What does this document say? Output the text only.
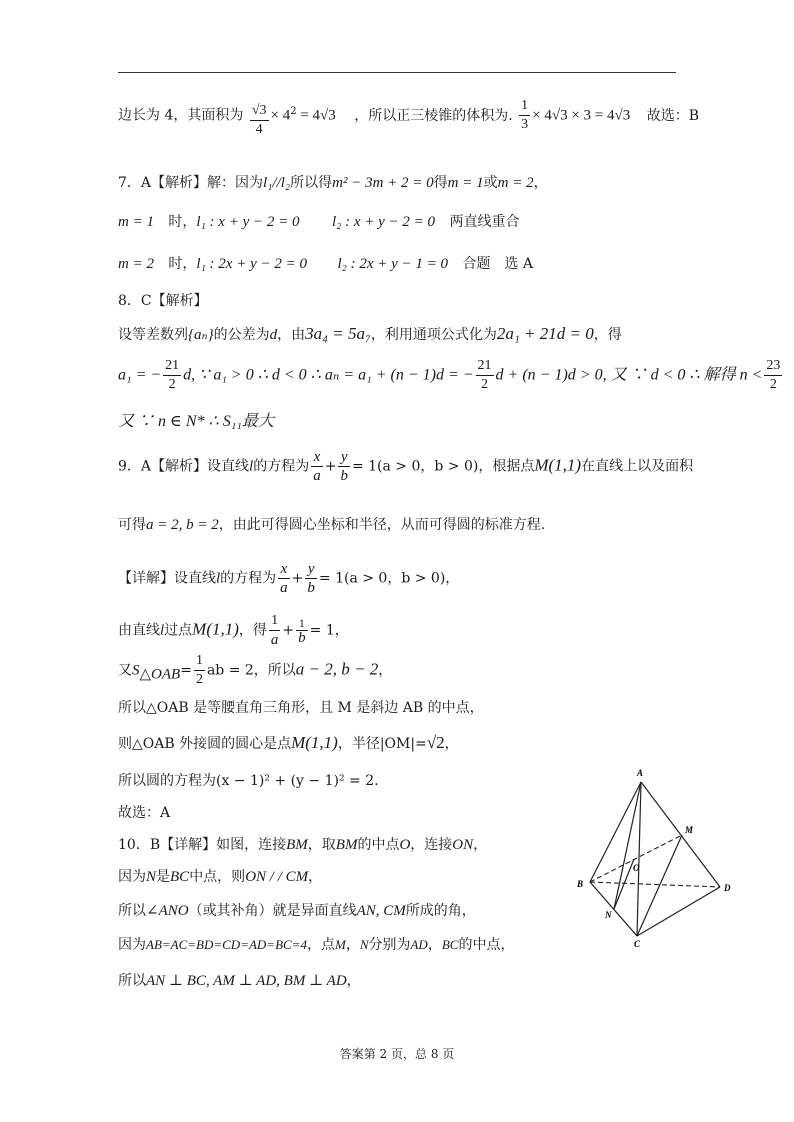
边长为 4，其面积为 $\frac{√3}{4} \times 4^2 = 4√3$ ，所以正三棱锥的体积为. $\frac{1}{3} \times 4√3 \times 3 = 4√3$ 故选：B
7．A【解析】解：因为l₁//l₂所以得m² − 3m + 2 = 0得m = 1或m = 2，
m = 1 时，l₁ : x + y − 2 = 0 l₂ : x + y − 2 = 0 两直线重合
m = 2 时，l₁ : 2x + y − 2 = 0 l₂ : 2x + y − 1 = 0 合题　选 A
8．C【解析】
设等差数列{aₙ}的公差为d，由3a₄ = 5a₇，利用通项公式化为2a₁ + 21d = 0，得
a₁ = − $\frac{21}{2} d$, ∵ a₁ > 0 ∴ d < 0 ∴ aₙ = a₁ + (n − 1)d = − $\frac{21}{2}$ d + (n − 1)d > 0, 又 ∵ d < 0 ∴ 解得 $n < \frac{23}{2}$
又 ∵ n ∈ N* ∴ S₁₁最大
9．A【解析】设直线l的方程为 $\frac{x}{a} + \frac{y}{b} = 1(a > 0$，b > 0)，根据点M(1,1)在直线上以及面积
可得a = 2, b = 2，由此可得圆心坐标和半径，从而可得圆的标准方程.
【详解】设直线l的方程为 $\frac{x}{a} + \frac{y}{b} = 1(a > 0$，b > 0)，
由直线l过点M(1,1)，得 $\frac{1}{a} + \frac{1}{b} = 1$，
又$S_{\triangle OAB}= \frac{1}{2}$ ab = 2，所以a − 2, b − 2，
所以△OAB 是等腰直角三角形，且 M 是斜边 AB 的中点，
则△OAB 外接圆的圆心是点M(1,1)，半径|OM|=√2，
所以圆的方程为(x − 1)² + (y − 1)² = 2.
故选：A
10．B【详解】如图，连接BM，取BM的中点O，连接ON，
因为N是BC中点，则ON / / CM，
所以∠ANO（或其补角）就是异面直线AN, CM所成的角，
因为AB=AC=BD=CD=AD=BC=4，点M，N分别为AD，BC的中点，
所以AN ⊥ BC, AM ⊥ AD, BM ⊥ AD，
A
M
O
B	D
N
C
答案第 2 页，总 8 页
